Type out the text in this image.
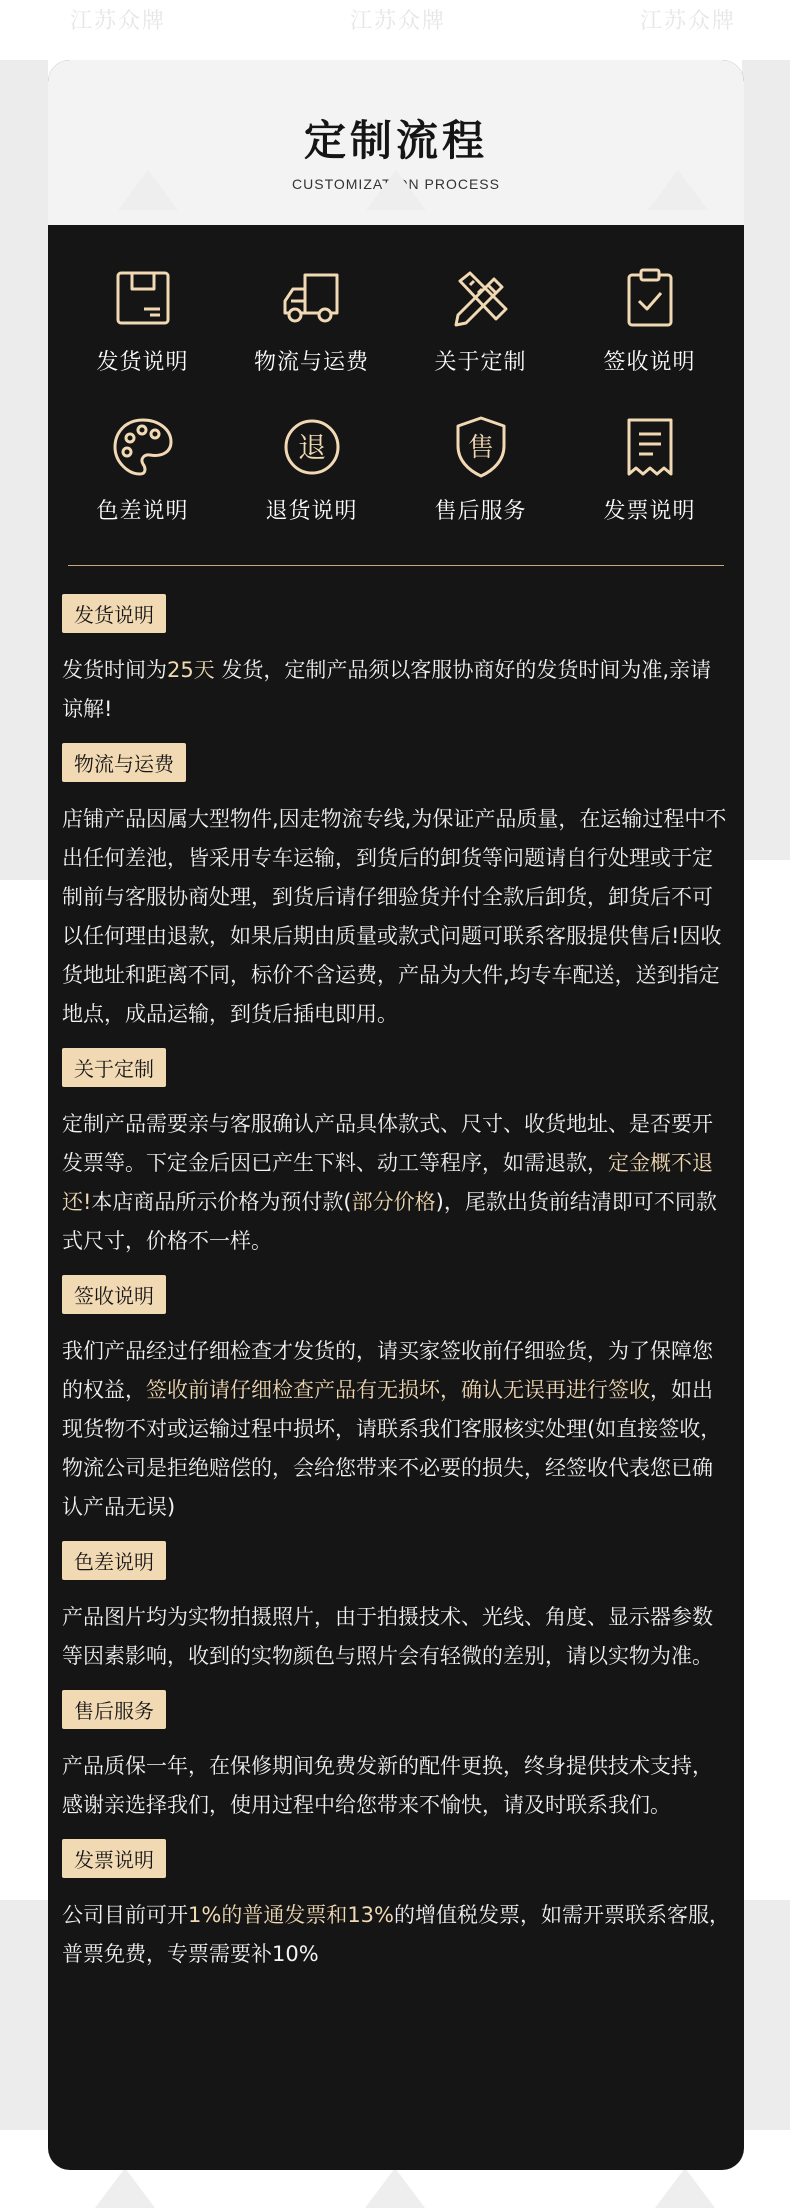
江苏众牌	江苏众牌	江苏众牌
定制流程
CUSTOMIZATION PROCESS
发货说明	物流与运费	关于定制	签收说明
色差说明
退
退货说明
售
售后服务	发票说明
发货说明

发货时间为25天 发货，定制产品须以客服协商好的发货时间为准,亲请谅解!

物流与运费

店铺产品因属大型物件,因走物流专线,为保证产品质量，在运输过程中不出任何差池，皆采用专车运输，到货后的卸货等问题请自行处理或于定制前与客服协商处理，到货后请仔细验货并付全款后卸货，卸货后不可以任何理由退款，如果后期由质量或款式问题可联系客服提供售后!因收货地址和距离不同，标价不含运费，产品为大件,均专车配送，送到指定地点，成品运输，到货后插电即用。

关于定制

定制产品需要亲与客服确认产品具体款式、尺寸、收货地址、是否要开发票等。下定金后因已产生下料、动工等程序，如需退款，定金概不退还!本店商品所示价格为预付款(部分价格)，尾款出货前结清即可不同款式尺寸，价格不一样。

签收说明

我们产品经过仔细检查才发货的，请买家签收前仔细验货，为了保障您的权益，签收前请仔细检查产品有无损坏，确认无误再进行签收，如出现货物不对或运输过程中损坏，请联系我们客服核实处理(如直接签收，物流公司是拒绝赔偿的，会给您带来不必要的损失，经签收代表您已确认产品无误)

色差说明

产品图片均为实物拍摄照片，由于拍摄技术、光线、角度、显示器参数等因素影响，收到的实物颜色与照片会有轻微的差别，请以实物为准。

售后服务

产品质保一年，在保修期间免费发新的配件更换，终身提供技术支持，感谢亲选择我们，使用过程中给您带来不愉快，请及时联系我们。

发票说明

公司目前可开1%的普通发票和13%的增值税发票，如需开票联系客服，普票免费，专票需要补10%
